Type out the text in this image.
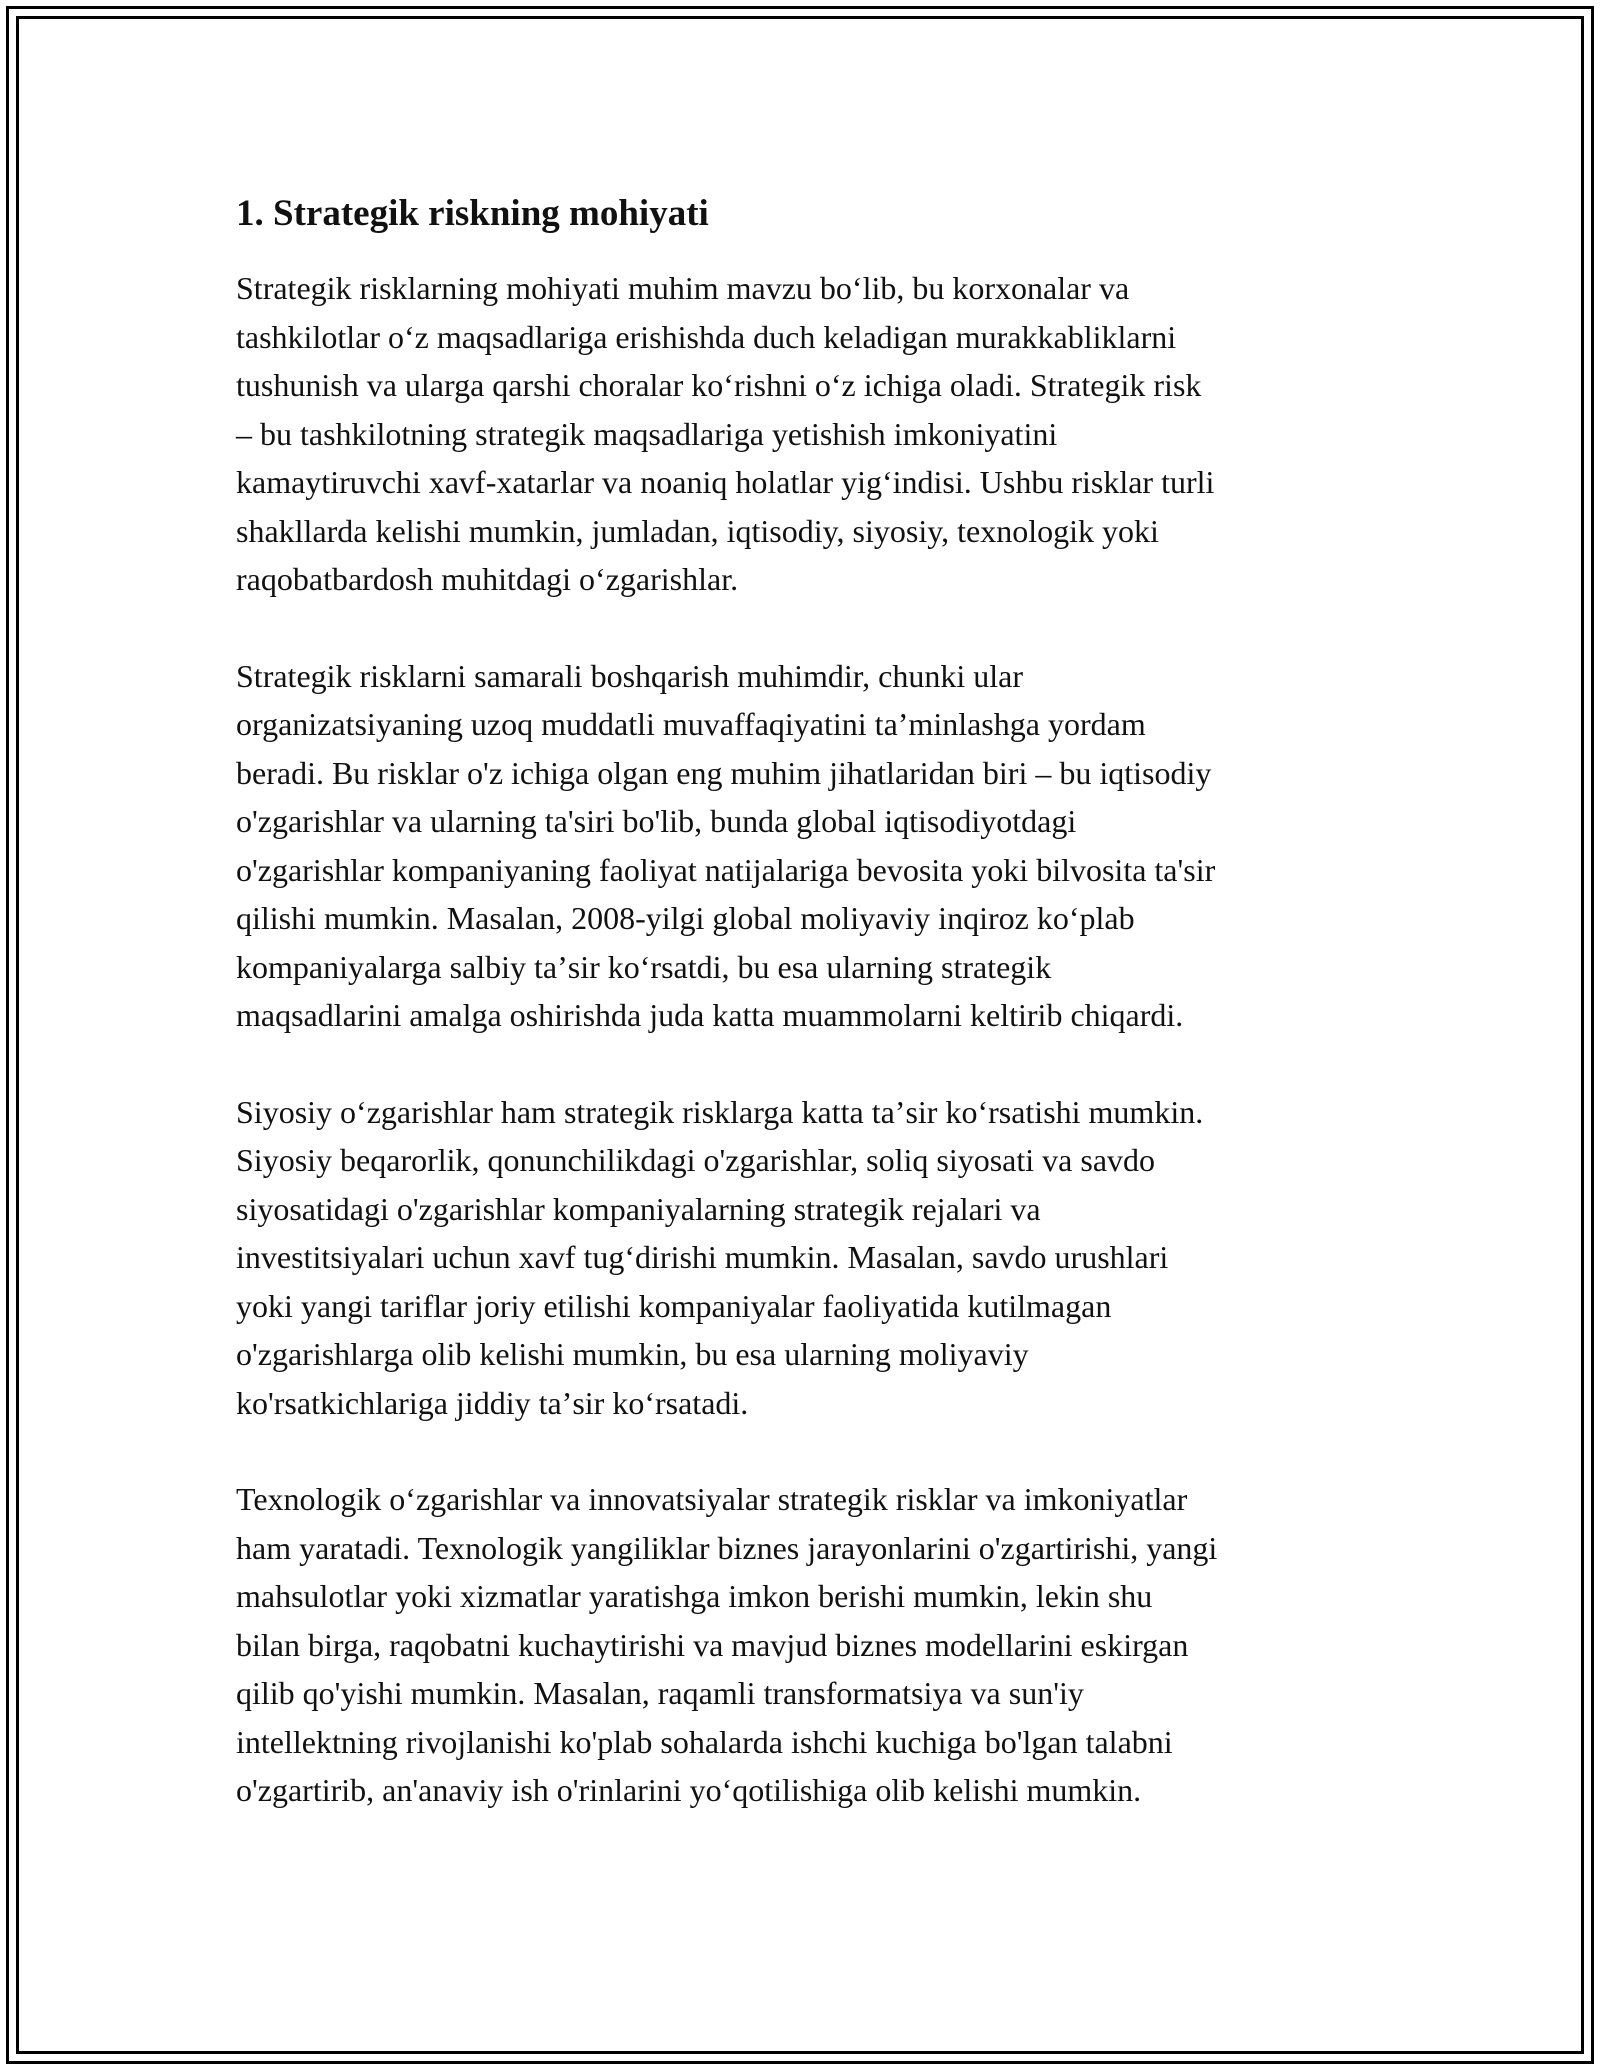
1. Strategik riskning mohiyati

Strategik risklarning mohiyati muhim mavzu boʻlib, bu korxonalar va
tashkilotlar oʻz maqsadlariga erishishda duch keladigan murakkabliklarni
tushunish va ularga qarshi choralar koʻrishni oʻz ichiga oladi. Strategik risk
– bu tashkilotning strategik maqsadlariga yetishish imkoniyatini
kamaytiruvchi xavf-xatarlar va noaniq holatlar yigʻindisi. Ushbu risklar turli
shakllarda kelishi mumkin, jumladan, iqtisodiy, siyosiy, texnologik yoki
raqobatbardosh muhitdagi oʻzgarishlar.

Strategik risklarni samarali boshqarish muhimdir, chunki ular
organizatsiyaning uzoq muddatli muvaffaqiyatini taʼminlashga yordam
beradi. Bu risklar o'z ichiga olgan eng muhim jihatlaridan biri – bu iqtisodiy
o'zgarishlar va ularning ta'siri bo'lib, bunda global iqtisodiyotdagi
o'zgarishlar kompaniyaning faoliyat natijalariga bevosita yoki bilvosita ta'sir
qilishi mumkin. Masalan, 2008-yilgi global moliyaviy inqiroz koʻplab
kompaniyalarga salbiy taʼsir koʻrsatdi, bu esa ularning strategik
maqsadlarini amalga oshirishda juda katta muammolarni keltirib chiqardi.

Siyosiy oʻzgarishlar ham strategik risklarga katta taʼsir koʻrsatishi mumkin.
Siyosiy beqarorlik, qonunchilikdagi o'zgarishlar, soliq siyosati va savdo
siyosatidagi o'zgarishlar kompaniyalarning strategik rejalari va
investitsiyalari uchun xavf tugʻdirishi mumkin. Masalan, savdo urushlari
yoki yangi tariflar joriy etilishi kompaniyalar faoliyatida kutilmagan
o'zgarishlarga olib kelishi mumkin, bu esa ularning moliyaviy
ko'rsatkichlariga jiddiy taʼsir koʻrsatadi.

Texnologik oʻzgarishlar va innovatsiyalar strategik risklar va imkoniyatlar
ham yaratadi. Texnologik yangiliklar biznes jarayonlarini o'zgartirishi, yangi
mahsulotlar yoki xizmatlar yaratishga imkon berishi mumkin, lekin shu
bilan birga, raqobatni kuchaytirishi va mavjud biznes modellarini eskirgan
qilib qo'yishi mumkin. Masalan, raqamli transformatsiya va sun'iy
intellektning rivojlanishi ko'plab sohalarda ishchi kuchiga bo'lgan talabni
o'zgartirib, an'anaviy ish o'rinlarini yoʻqotilishiga olib kelishi mumkin.
